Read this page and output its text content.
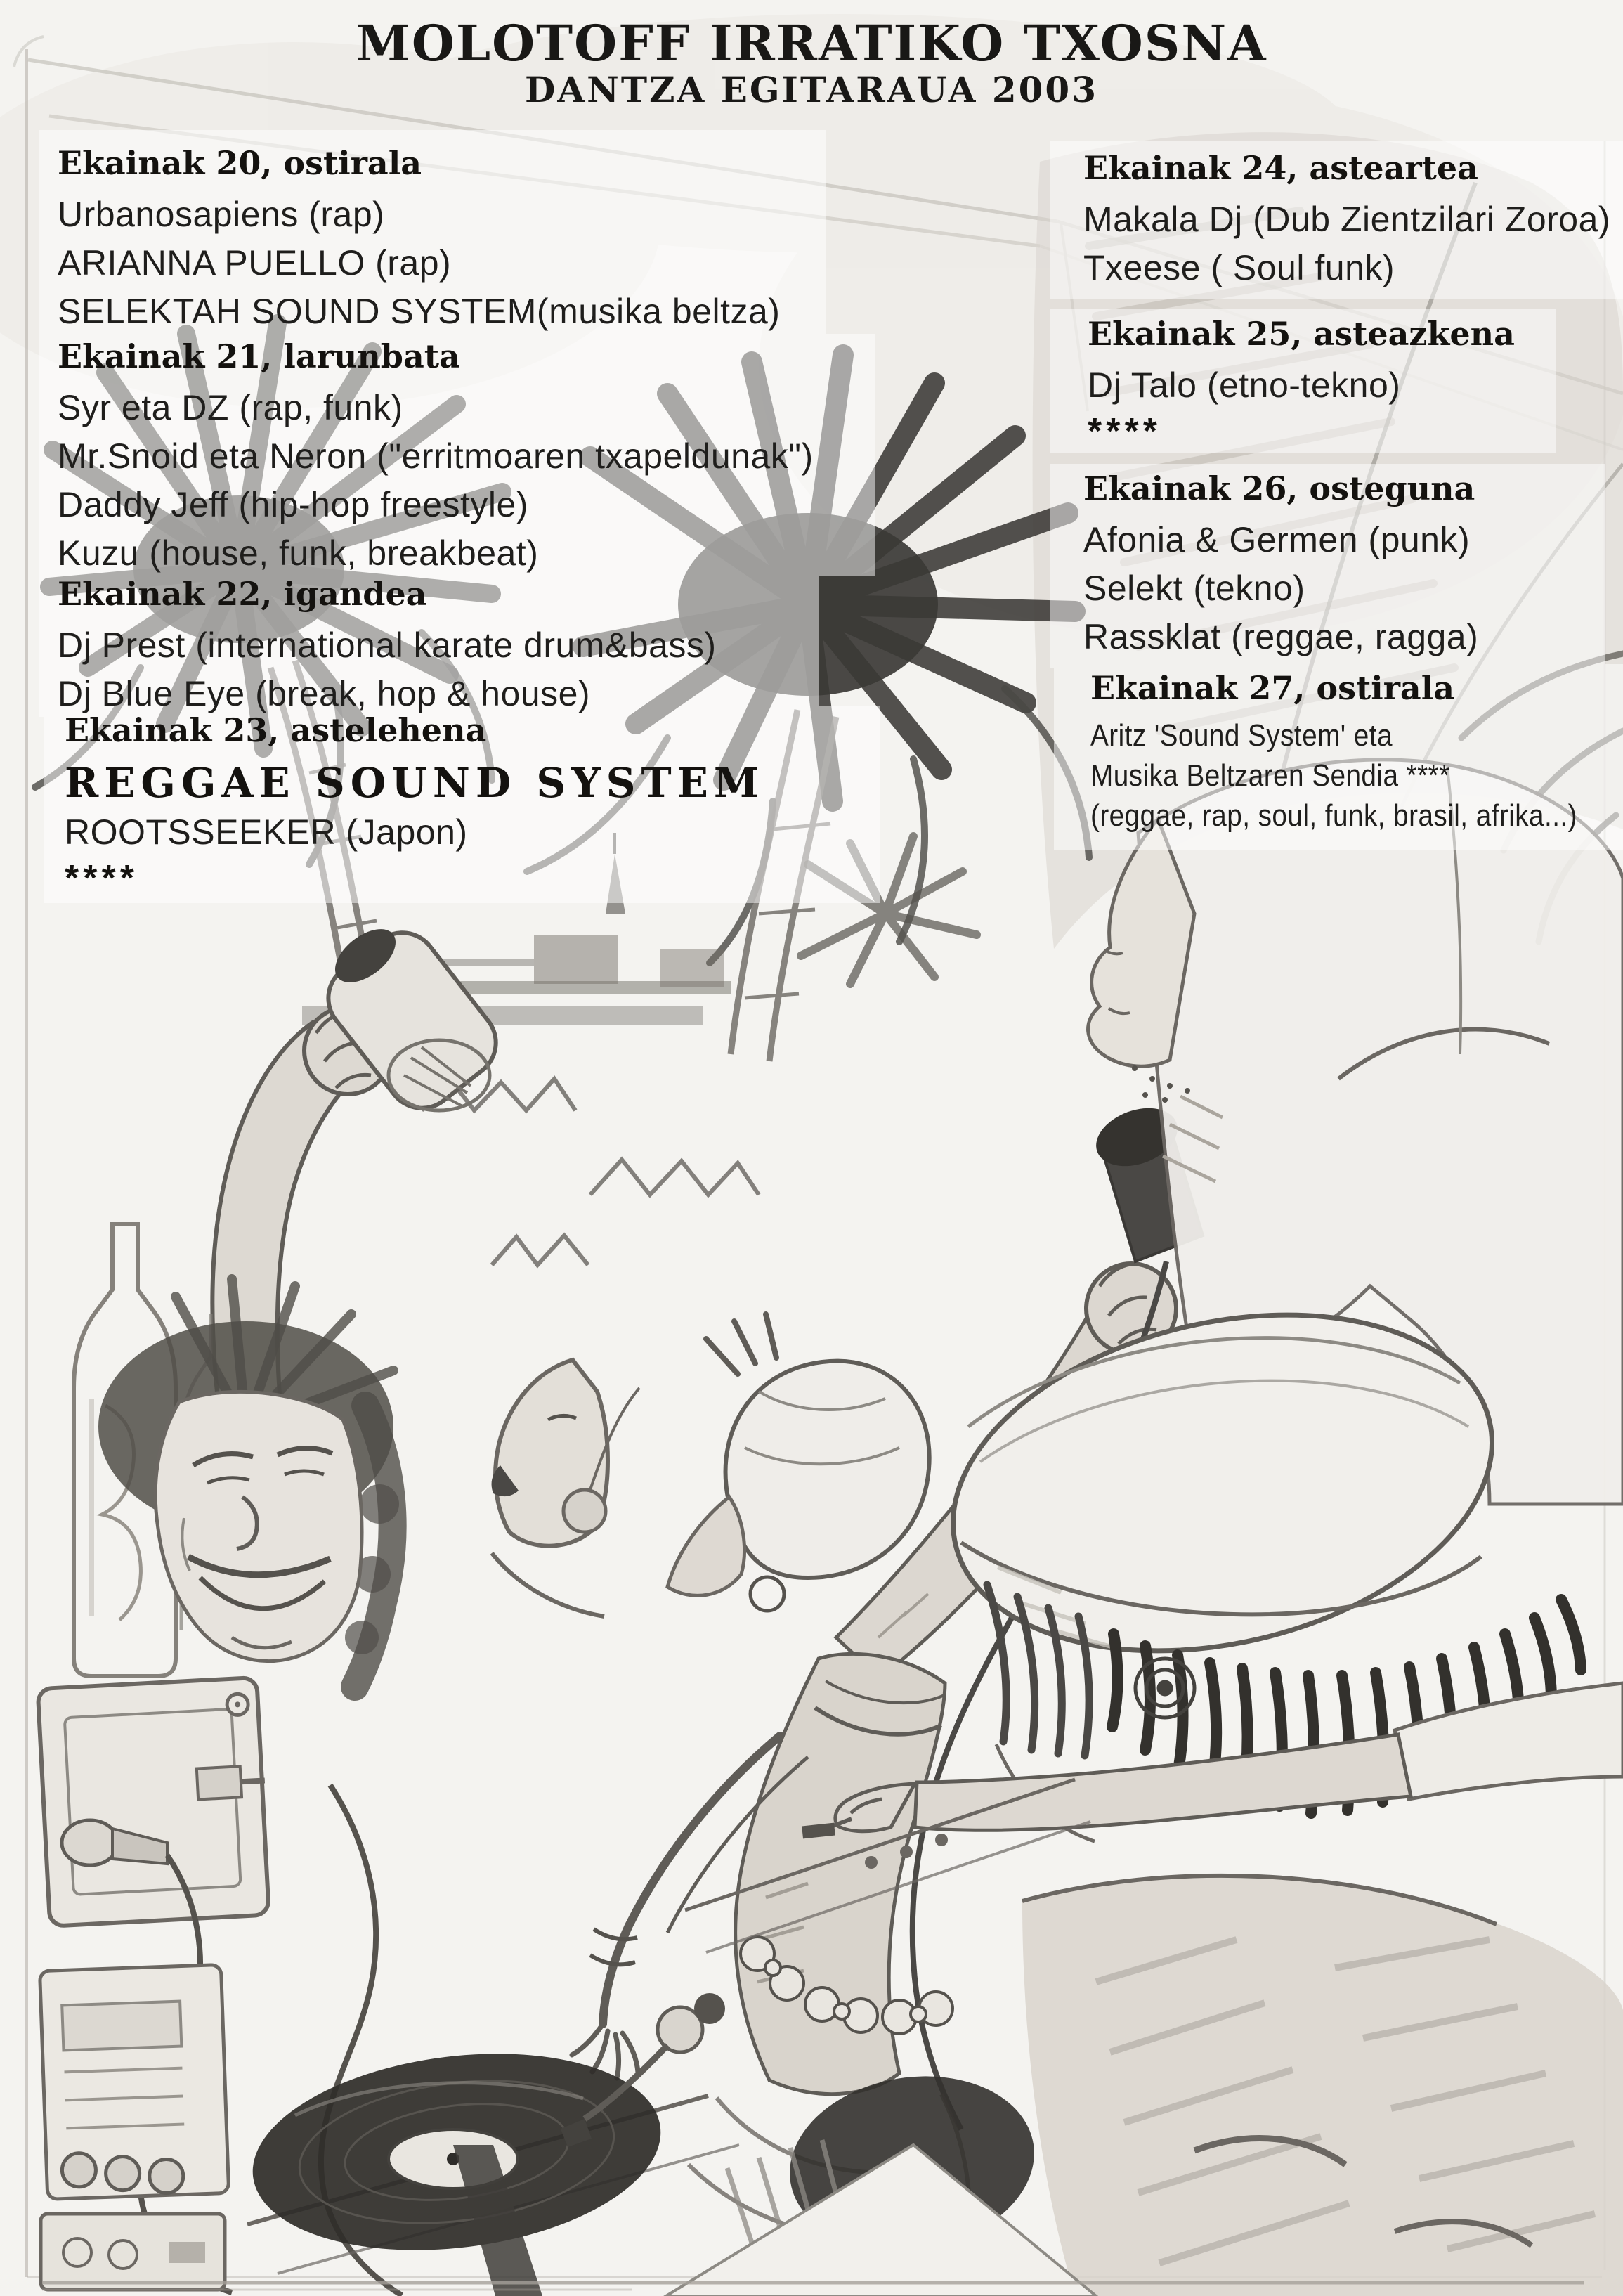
MOLOTOFF IRRATIKO TXOSNA
DANTZA EGITARAUA 2003
Ekainak 20, ostirala
Urbanosapiens (rap)
ARIANNA PUELLO (rap)
SELEKTAH SOUND SYSTEM(musika beltza)
Ekainak 21, larunbata
Syr eta DZ (rap, funk)
Mr.Snoid eta Neron ("erritmoaren txapeldunak")
Daddy Jeff (hip-hop freestyle)
Kuzu (house, funk, breakbeat)
Ekainak 22, igandea
Dj Prest (international karate drum&bass)
Dj Blue Eye (break, hop & house)
Ekainak 23, astelehena
REGGAE SOUND SYSTEM
ROOTSSEEKER (Japon)
****
Ekainak 24, asteartea
Makala Dj (Dub Zientzilari Zoroa)
Txeese ( Soul funk)
Ekainak 25, asteazkena
Dj Talo (etno-tekno)
****
Ekainak 26, osteguna
Afonia & Germen (punk)
Selekt (tekno)
Rassklat (reggae, ragga)
Ekainak 27, ostirala
Aritz 'Sound System' eta
Musika Beltzaren Sendia ****
(reggae, rap, soul, funk, brasil, afrika...)
